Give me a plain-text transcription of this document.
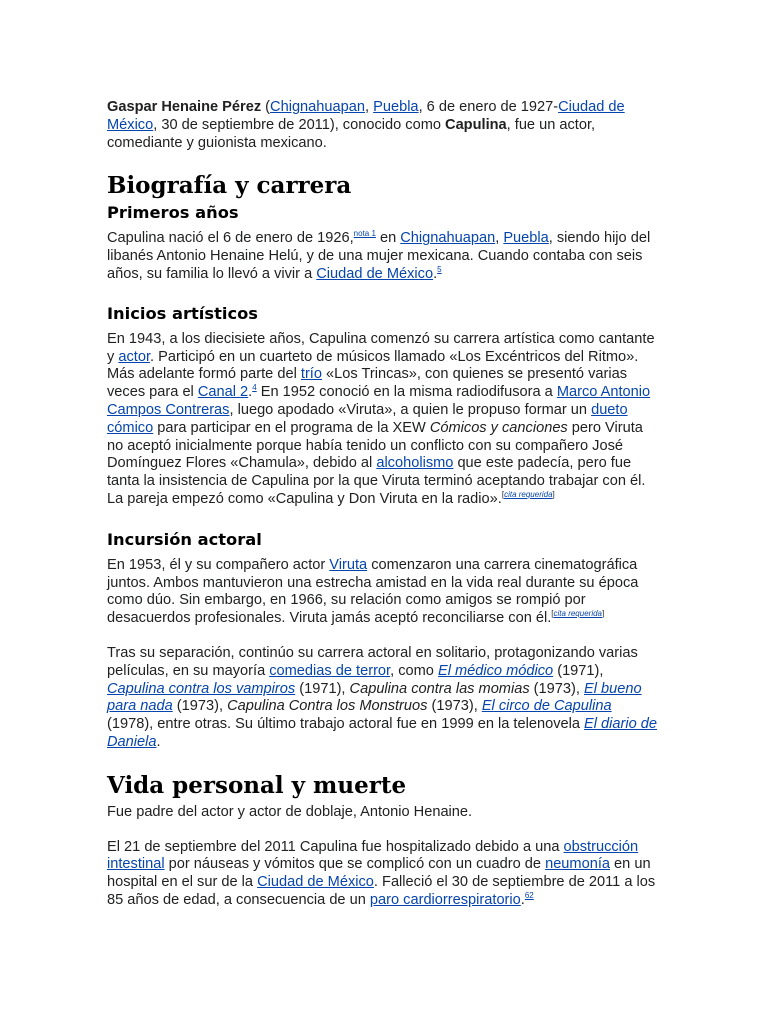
Gaspar Henaine Pérez (Chignahuapan, Puebla, 6 de enero de 1927-Ciudad de México, 30 de septiembre de 2011), conocido como Capulina, fue un actor, comediante y guionista mexicano.

Biografía y carrera
Primeros años

Capulina nació el 6 de enero de 1926,$^{nota 1}$ en Chignahuapan, Puebla, siendo hijo del libanés Antonio Henaine Helú, y de una mujer mexicana. Cuando contaba con seis años, su familia lo llevó a vivir a Ciudad de México.$^5$

Inicios artísticos

En 1943, a los diecisiete años, Capulina comenzó su carrera artística como cantante y actor. Participó en un cuarteto de músicos llamado «Los Excéntricos del Ritmo». Más adelante formó parte del trío «Los Trincas», con quienes se presentó varias veces para el Canal 2.$^4$ En 1952 conoció en la misma radiodifusora a Marco Antonio Campos Contreras, luego apodado «Viruta», a quien le propuso formar un dueto cómico para participar en el programa de la XEW Cómicos y canciones pero Viruta no aceptó inicialmente porque había tenido un conflicto con su compañero José Domínguez Flores «Chamula», debido al alcoholismo que este padecía, pero fue tanta la insistencia de Capulina por la que Viruta terminó aceptando trabajar con él. La pareja empezó como «Capulina y Don Viruta en la radio».[cita requerida]

Incursión actoral

En 1953, él y su compañero actor Viruta comenzaron una carrera cinematográfica juntos. Ambos mantuvieron una estrecha amistad en la vida real durante su época como dúo. Sin embargo, en 1966, su relación como amigos se rompió por desacuerdos profesionales. Viruta jamás aceptó reconciliarse con él.[cita requerida]

Tras su separación, continúo su carrera actoral en solitario, protagonizando varias películas, en su mayoría comedias de terror, como El médico módico (1971), Capulina contra los vampiros (1971), Capulina contra las momias (1973), El bueno para nada (1973), Capulina Contra los Monstruos (1973), El circo de Capulina (1978), entre otras. Su último trabajo actoral fue en 1999 en la telenovela El diario de Daniela.

Vida personal y muerte

Fue padre del actor y actor de doblaje, Antonio Henaine.

El 21 de septiembre del 2011 Capulina fue hospitalizado debido a una obstrucción intestinal por náuseas y vómitos que se complicó con un cuadro de neumonía en un hospital en el sur de la Ciudad de México. Falleció el 30 de septiembre de 2011 a los 85 años de edad, a consecuencia de un paro cardiorrespiratorio.$^{62}$
